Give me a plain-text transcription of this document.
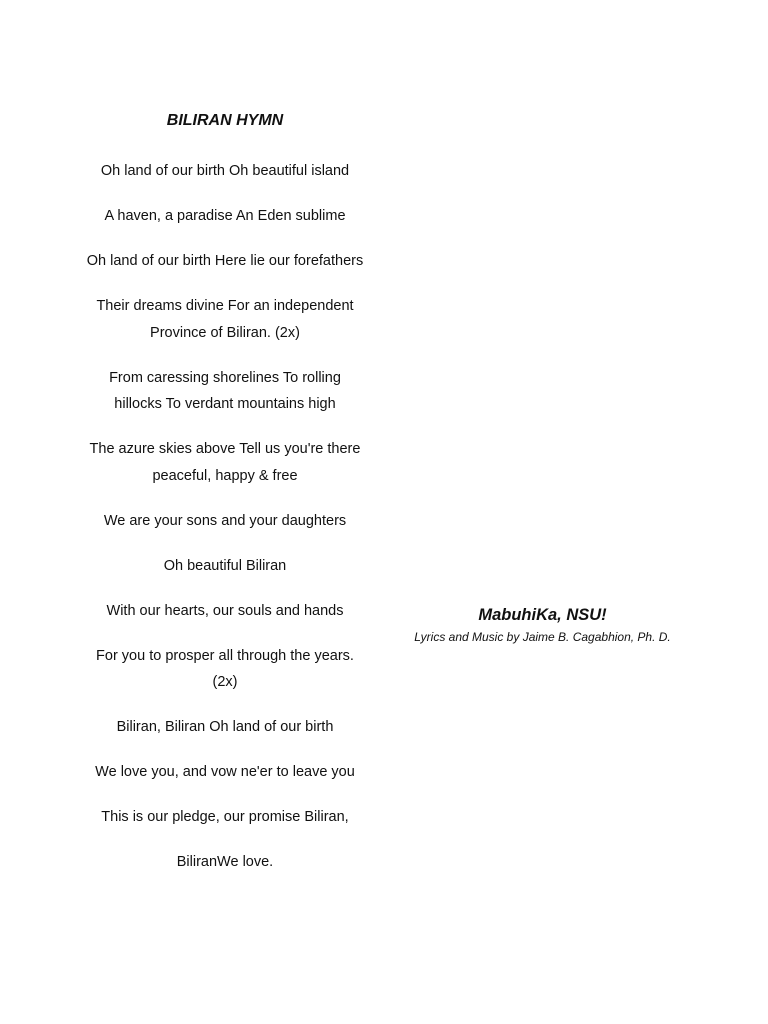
BILIRAN HYMN
Oh land of our birth Oh beautiful island
A haven, a paradise An Eden sublime
Oh land of our birth Here lie our forefathers
Their dreams divine For an independent Province of Biliran. (2x)
From caressing shorelines To rolling hillocks To verdant mountains high
The azure skies above Tell us you're there peaceful, happy & free
We are your sons and your daughters
Oh beautiful Biliran
With our hearts, our souls and hands
For you to prosper all through the years. (2x)
Biliran, Biliran Oh land of our birth
We love you, and vow ne'er to leave you
This is our pledge, our promise Biliran,
BiliranWe love.
MabuhiKa, NSU!
Lyrics and Music by Jaime B. Cagabhion, Ph. D.
